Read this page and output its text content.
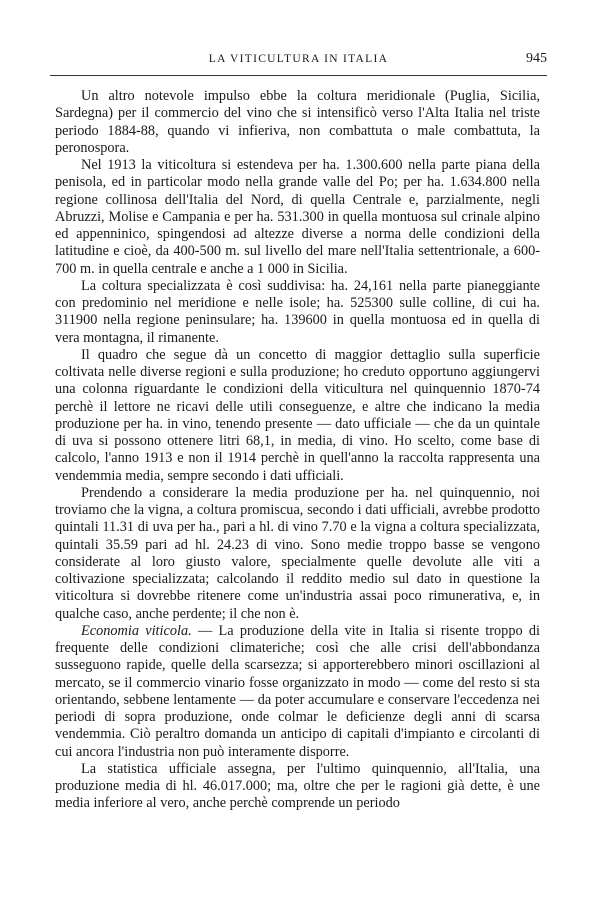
LA VITICULTURA IN ITALIA	945

Un altro notevole impulso ebbe la coltura meridionale (Puglia, Sicilia, Sardegna) per il commercio del vino che si intensificò verso l'Alta Italia nel triste periodo 1884-88, quando vi infieriva, non combattuta o male combattuta, la peronospora.

Nel 1913 la viticoltura si estendeva per ha. 1.300.600 nella parte piana della penisola, ed in particolar modo nella grande valle del Po; per ha. 1.634.800 nella regione collinosa dell'Italia del Nord, di quella Centrale e, parzialmente, negli Abruzzi, Molise e Campania e per ha. 531.300 in quella montuosa sul crinale alpino ed appenninico, spingendosi ad altezze diverse a norma delle condizioni della latitudine e cioè, da 400-500 m. sul livello del mare nell'Italia settentrionale, a 600-700 m. in quella centrale e anche a 1 000 in Sicilia.

La coltura specializzata è così suddivisa: ha. 24,161 nella parte pianeggiante con predominio nel meridione e nelle isole; ha. 525300 sulle colline, di cui ha. 311900 nella regione peninsulare; ha. 139600 in quella montuosa ed in quella di vera montagna, il rimanente.

Il quadro che segue dà un concetto di maggior dettaglio sulla superficie coltivata nelle diverse regioni e sulla produzione; ho creduto opportuno aggiungervi una colonna riguardante le condizioni della viticultura nel quinquennio 1870-74 perchè il lettore ne ricavi delle utili conseguenze, e altre che indicano la media produzione per ha. in vino, tenendo presente — dato ufficiale — che da un quintale di uva si possono ottenere litri 68,1, in media, di vino. Ho scelto, come base di calcolo, l'anno 1913 e non il 1914 perchè in quell'anno la raccolta rappresenta una vendemmia media, sempre secondo i dati ufficiali.

Prendendo a considerare la media produzione per ha. nel quinquennio, noi troviamo che la vigna, a coltura promiscua, secondo i dati ufficiali, avrebbe prodotto quintali 11.31 di uva per ha., pari a hl. di vino 7.70 e la vigna a coltura specializzata, quintali 35.59 pari ad hl. 24.23 di vino. Sono medie troppo basse se vengono considerate al loro giusto valore, specialmente quelle devolute alle viti a coltivazione specializzata; calcolando il reddito medio sul dato in questione la viticoltura si dovrebbe ritenere come un'industria assai poco rimunerativa, e, in qualche caso, anche perdente; il che non è.

Economia viticola. — La produzione della vite in Italia si risente troppo di frequente delle condizioni climateriche; così che alle crisi dell'abbondanza susseguono rapide, quelle della scarsezza; si apporterebbero minori oscillazioni al mercato, se il commercio vinario fosse organizzato in modo — come del resto si sta orientando, sebbene lentamente — da poter accumulare e conservare l'eccedenza nei periodi di sopra produzione, onde colmar le deficienze degli anni di scarsa vendemmia. Ciò peraltro domanda un anticipo di capitali d'impianto e circolanti di cui ancora l'industria non può interamente disporre.

La statistica ufficiale assegna, per l'ultimo quinquennio, all'Italia, una produzione media di hl. 46.017.000; ma, oltre che per le ragioni già dette, è une media inferiore al vero, anche perchè comprende un periodo
